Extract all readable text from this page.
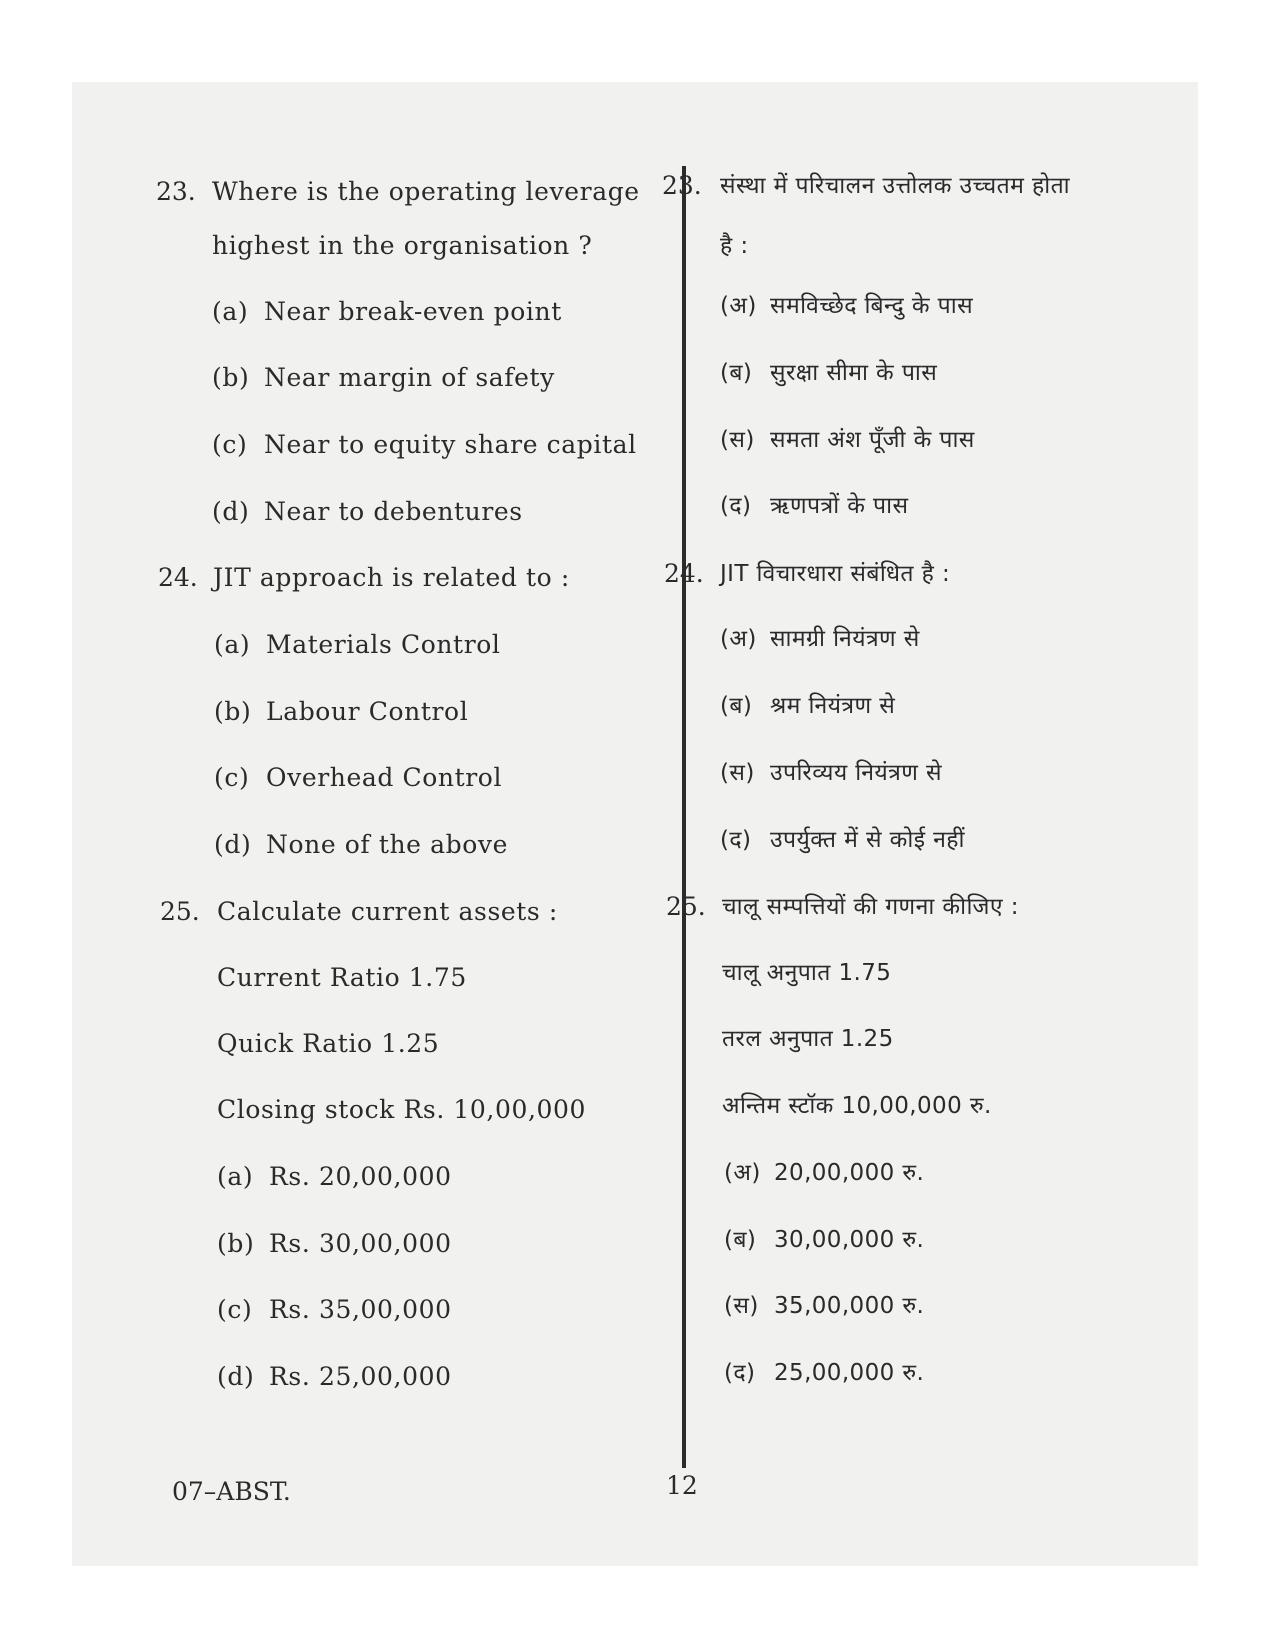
23. Where is the operating leverage
highest in the organisation ?
(a) Near break-even point
(b) Near margin of safety
(c) Near to equity share capital
(d) Near to debentures
24. JIT approach is related to :
(a) Materials Control
(b) Labour Control
(c) Overhead Control
(d) None of the above
25. Calculate current assets :
Current Ratio 1.75
Quick Ratio 1.25
Closing stock Rs. 10,00,000
(a) Rs. 20,00,000
(b) Rs. 30,00,000
(c) Rs. 35,00,000
(d) Rs. 25,00,000
23. संस्था में परिचालन उत्तोलक उच्चतम होता
है :
(अ) समविच्छेद बिन्दु के पास
(ब) सुरक्षा सीमा के पास
(स) समता अंश पूँजी के पास
(द) ऋणपत्रों के पास
24. JIT विचारधारा संबंधित है :
(अ) सामग्री नियंत्रण से
(ब) श्रम नियंत्रण से
(स) उपरिव्यय नियंत्रण से
(द) उपर्युक्त में से कोई नहीं
25. चालू सम्पत्तियों की गणना कीजिए :
चालू अनुपात 1.75
तरल अनुपात 1.25
अन्तिम स्टॉक 10,00,000 रु.
(अ) 20,00,000 रु.
(ब) 30,00,000 रु.
(स) 35,00,000 रु.
(द) 25,00,000 रु.
07–ABST.	12
